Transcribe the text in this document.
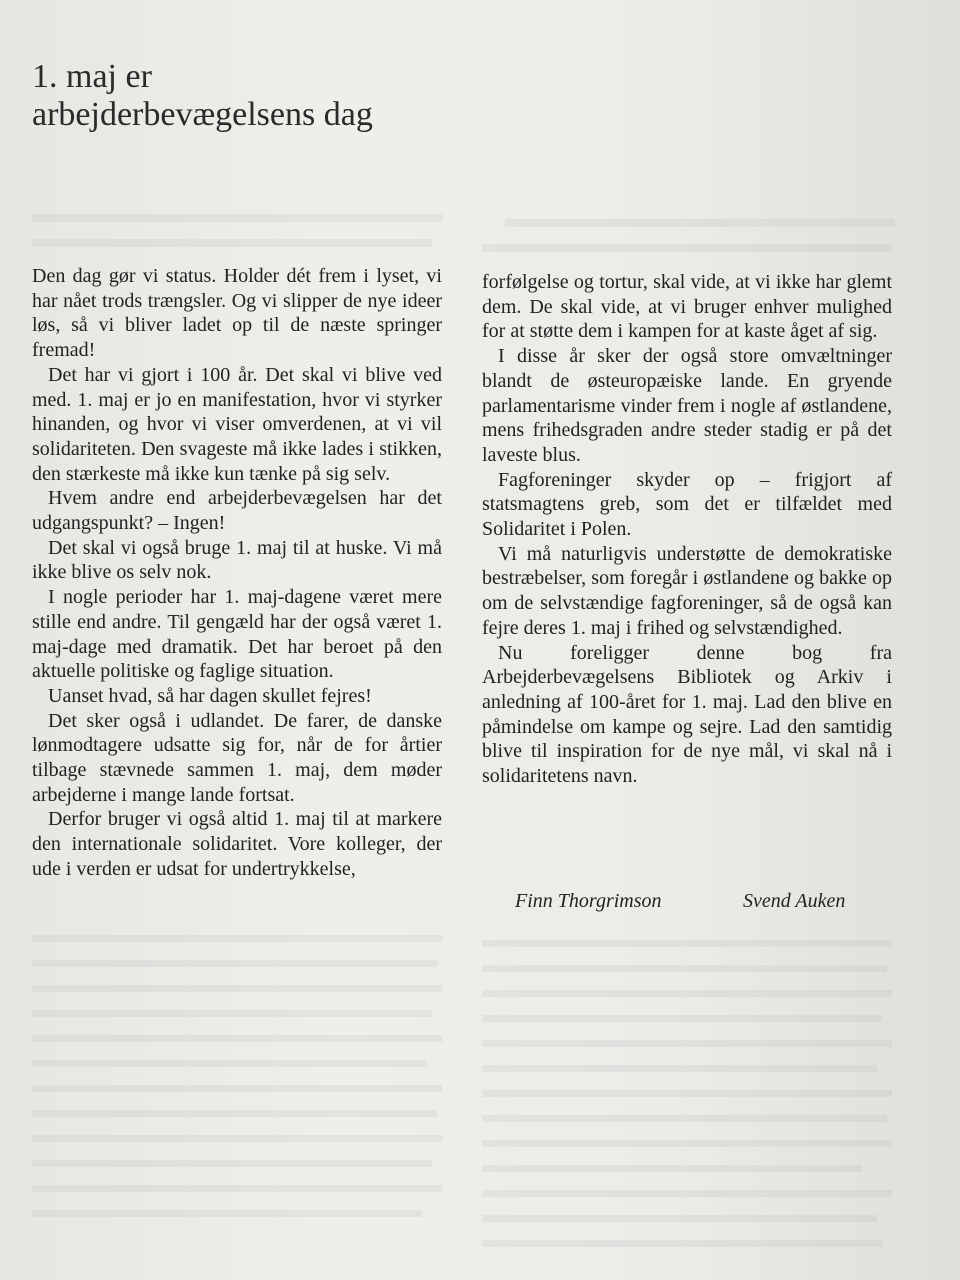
1. maj er
arbejderbevægelsens dag

Den dag gør vi status. Holder dét frem i lyset, vi har nået trods trængsler. Og vi slipper de nye ideer løs, så vi bliver ladet op til de næste springer fremad!

Det har vi gjort i 100 år. Det skal vi blive ved med. 1. maj er jo en manifestation, hvor vi styrker hinanden, og hvor vi viser omverdenen, at vi vil solidariteten. Den svageste må ikke lades i stikken, den stærkeste må ikke kun tænke på sig selv.

Hvem andre end arbejderbevægelsen har det udgangspunkt? – Ingen!

Det skal vi også bruge 1. maj til at huske. Vi må ikke blive os selv nok.

I nogle perioder har 1. maj-dagene været mere stille end andre. Til gengæld har der også været 1. maj-dage med dramatik. Det har beroet på den aktuelle politiske og faglige situation.

Uanset hvad, så har dagen skullet fejres!

Det sker også i udlandet. De farer, de danske lønmodtagere udsatte sig for, når de for årtier tilbage stævnede sammen 1. maj, dem møder arbejderne i mange lande fortsat.

Derfor bruger vi også altid 1. maj til at markere den internationale solidaritet. Vore kolleger, der ude i verden er udsat for undertrykkelse,

forfølgelse og tortur, skal vide, at vi ikke har glemt dem. De skal vide, at vi bruger enhver mulighed for at støtte dem i kampen for at kaste åget af sig.

I disse år sker der også store omvæltninger blandt de østeuropæiske lande. En gryende parlamentarisme vinder frem i nogle af østlandene, mens frihedsgraden andre steder stadig er på det laveste blus.

Fagforeninger skyder op – frigjort af statsmagtens greb, som det er tilfældet med Solidaritet i Polen.

Vi må naturligvis understøtte de demokratiske bestræbelser, som foregår i østlandene og bakke op om de selvstændige fagforeninger, så de også kan fejre deres 1. maj i frihed og selvstændighed.

Nu foreligger denne bog fra Arbejderbevægelsens Bibliotek og Arkiv i anledning af 100-året for 1. maj. Lad den blive en påmindelse om kampe og sejre. Lad den samtidig blive til inspiration for de nye mål, vi skal nå i solidaritetens navn.

Finn Thorgrimson	Svend Auken
